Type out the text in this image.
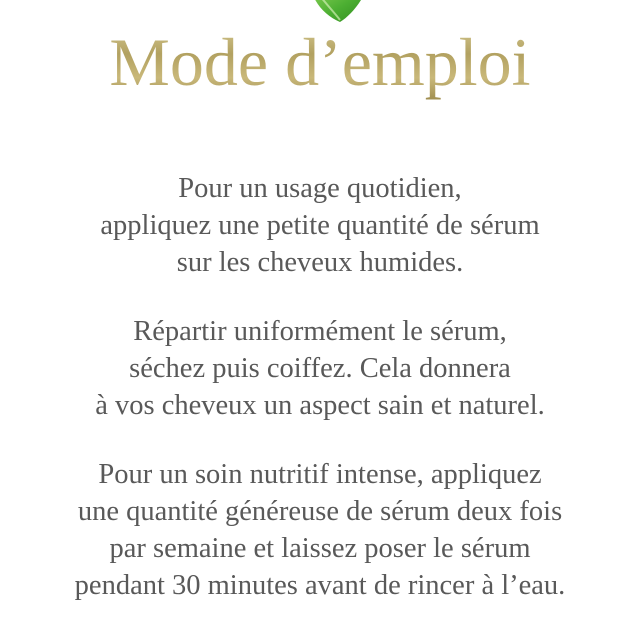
Mode d’emploi

Pour un usage quotidien,
appliquez une petite quantité de sérum
sur les cheveux humides.

Répartir uniformément le sérum,
séchez puis coiffez. Cela donnera
à vos cheveux un aspect sain et naturel.

Pour un soin nutritif intense, appliquez
une quantité généreuse de sérum deux fois
par semaine et laissez poser le sérum
pendant 30 minutes avant de rincer à l’eau.
